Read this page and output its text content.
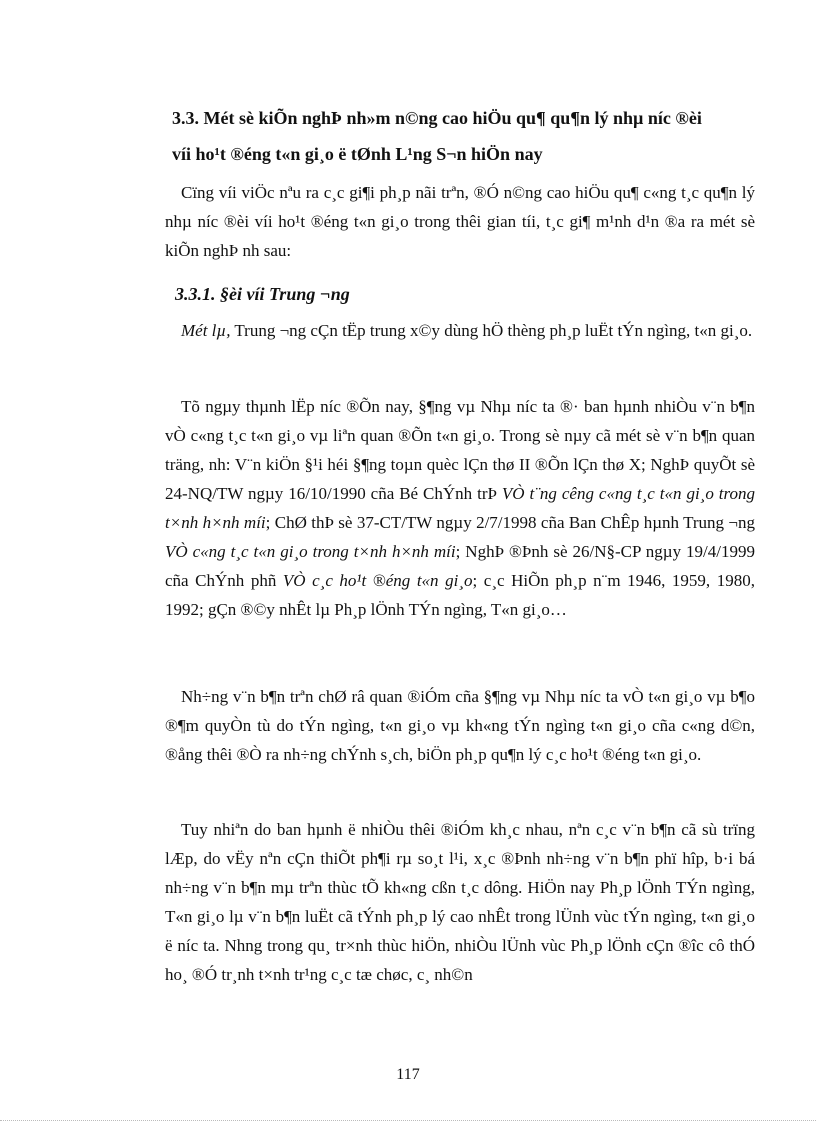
3.3. Mét sè kiÕn nghÞ nh»m n©ng cao hiÖu qu¶ qu¶n lý nhµ níc ®èi
víi ho¹t ®éng t«n gi¸o ë tØnh L¹ng S¬n hiÖn nay

Cïng víi viÖc nªu ra c¸c gi¶i ph¸p nãi trªn, ®Ó n©ng cao hiÖu qu¶ c«ng t¸c qu¶n lý nhµ níc ®èi víi ho¹t ®éng t«n gi¸o trong thêi gian tíi, t¸c gi¶ m¹nh d¹n ®a ra mét sè kiÕn nghÞ nh sau:

3.3.1. §èi víi Trung ¬ng

Mét lµ, Trung ¬ng cÇn tËp trung x©y dùng hÖ thèng ph¸p luËt tÝn ngìng, t«n gi¸o.

Tõ ngµy thµnh lËp níc ®Õn nay, §¶ng vµ Nhµ níc ta ®· ban hµnh nhiÒu v¨n b¶n vÒ c«ng t¸c t«n gi¸o vµ liªn quan ®Õn t«n gi¸o. Trong sè nµy cã mét sè v¨n b¶n quan träng, nh: V¨n kiÖn §¹i héi §¶ng toµn quèc lÇn thø II ®Õn lÇn thø X; NghÞ quyÕt sè 24-NQ/TW ngµy 16/10/1990 cña Bé ChÝnh trÞ VÒ t¨ng cêng c«ng t¸c t«n gi¸o trong t×nh h×nh míi; ChØ thÞ sè 37-CT/TW ngµy 2/7/1998 cña Ban ChÊp hµnh Trung ¬ng VÒ c«ng t¸c t«n gi¸o trong t×nh h×nh míi; NghÞ ®Þnh sè 26/N§-CP ngµy 19/4/1999 cña ChÝnh phñ VÒ c¸c ho¹t ®éng t«n gi¸o; c¸c HiÕn ph¸p n¨m 1946, 1959, 1980, 1992; gÇn ®©y nhÊt lµ Ph¸p lÖnh TÝn ngìng, T«n gi¸o…

Nh÷ng v¨n b¶n trªn chØ râ quan ®iÓm cña §¶ng vµ Nhµ níc ta vÒ t«n gi¸o vµ b¶o ®¶m quyÒn tù do tÝn ngìng, t«n gi¸o vµ kh«ng tÝn ngìng t«n gi¸o cña c«ng d©n, ®ång thêi ®Ò ra nh÷ng chÝnh s¸ch, biÖn ph¸p qu¶n lý c¸c ho¹t ®éng t«n gi¸o.

Tuy nhiªn do ban hµnh ë nhiÒu thêi ®iÓm kh¸c nhau, nªn c¸c v¨n b¶n cã sù trïng lÆp, do vËy nªn cÇn thiÕt ph¶i rµ so¸t l¹i, x¸c ®Þnh nh÷ng v¨n b¶n phï hîp, b·i bá nh÷ng v¨n b¶n mµ trªn thùc tÕ kh«ng cßn t¸c dông. HiÖn nay Ph¸p lÖnh TÝn ngìng, T«n gi¸o lµ v¨n b¶n luËt cã tÝnh ph¸p lý cao nhÊt trong lÜnh vùc tÝn ngìng, t«n gi¸o ë níc ta. Nhng trong qu¸ tr×nh thùc hiÖn, nhiÒu lÜnh vùc Ph¸p lÖnh cÇn ®îc cô thÓ ho¸ ®Ó tr¸nh t×nh tr¹ng c¸c tæ chøc, c¸ nh©n

117
